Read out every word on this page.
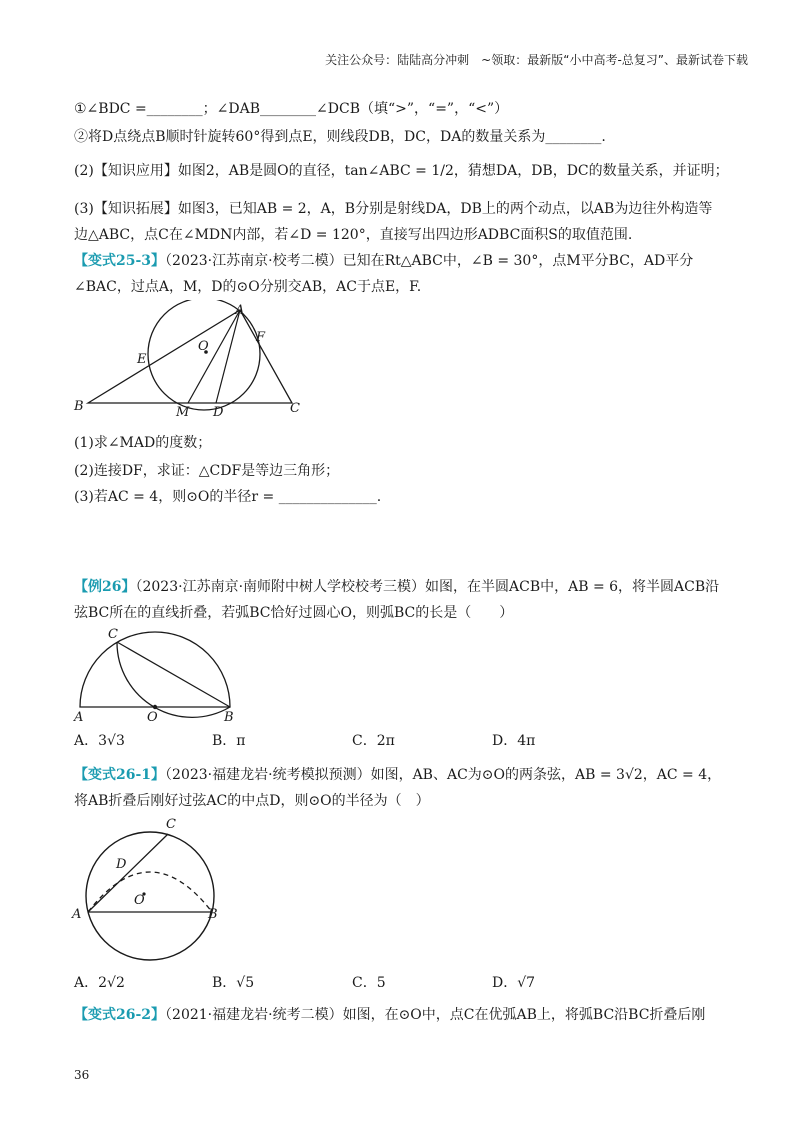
关注公众号：陆陆高分冲刺　~领取：最新版“小中高考-总复习”、最新试卷下载
①∠BDC =________；∠DAB________∠DCB（填“>”，“=”，“<”）
②将D点绕点B顺时针旋转60°得到点E，则线段DB，DC，DA的数量关系为________.
(2)【知识应用】如图2，AB是圆O的直径，tan∠ABC = 1/2，猜想DA，DB，DC的数量关系，并证明；
(3)【知识拓展】如图3，已知AB = 2，A，B分别是射线DA，DB上的两个动点，以AB为边往外构造等
边△ABC，点C在∠MDN内部，若∠D = 120°，直接写出四边形ADBC面积S的取值范围.
【变式25-3】（2023·江苏南京·校考二模）已知在Rt△ABC中，∠B = 30°，点M平分BC，AD平分
∠BAC，过点A，M，D的⊙O分别交AB，AC于点E，F.
A
O
F
E
B	M D	C
(1)求∠MAD的度数；
(2)连接DF，求证：△CDF是等边三角形；
(3)若AC = 4，则⊙O的半径r = ______________.
【例26】（2023·江苏南京·南师附中树人学校校考三模）如图，在半圆ACB中，AB = 6，将半圆ACB沿
弦BC所在的直线折叠，若弧BC恰好过圆心O，则弧BC的长是（　　）
C
A	O	B
A．3√3	B．π	C．2π	D．4π
【变式26-1】（2023·福建龙岩·统考模拟预测）如图，AB、AC为⊙O的两条弦，AB = 3√2，AC = 4，
将AB折叠后刚好过弦AC的中点D，则⊙O的半径为（　）
C
D
O
A	B
A．2√2	B．√5	C．5	D．√7
【变式26-2】（2021·福建龙岩·统考二模）如图，在⊙O中，点C在优弧AB上，将弧BC沿BC折叠后刚
36
